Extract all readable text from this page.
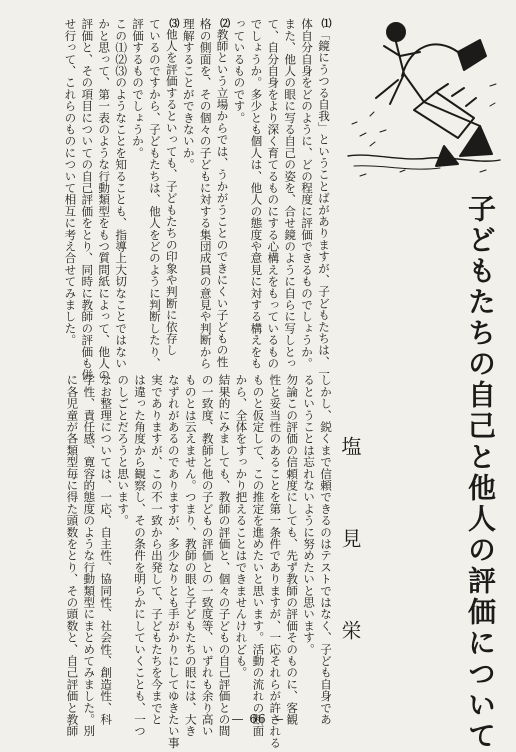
子どもたちの自己と他人の評価について
塩　見　栄
⑴「鏡にうつる自我」ということばがありますが、子どもたちは、一
体自分自身をどのように、どの程度に評価できるものでしょうか。
また、他人の眼に写る自己の姿を、合せ鏡のように自らに写しとっ
て、自分自身をより深く育てるものにする心構えをもっているもの
でしょうか。多少とも個人は、他人の態度や意見に対する構えをも
っているものです。
⑵教師という立場からでは、うかがうことのできにくい子どもの性
格の側面を、その個々の子どもに対する集団成員の意見や判断から
理解することができないか。
⑶他人を評価するといっても、子どもたちの印象や判断に依存し
ているのですから、子どもたちは、他人をどのように判断したり、
評価するものでしょうか。
この⑴⑵⑶のようなことを知ることも、指導上大切なことではない
かと思って、第一表のような行動類型をもつ質問紙によって、他人の
評価と、その項目についての自己評価をとり、同時に教師の評価も併
せ行って、これらのものについて相互に考え合せてみました。
しかし、鋭くまで信頼できるのはテストではなく、子ども自身であ
るということは忘れないように努めたいと思います。
勿論この評価の信頼度にしても、先ず教師の評価そのものに、客観
性と妥当性のあることを第一条件でありますが、一応それらが許される
ものと仮定して、この推定を進めたいと思います。活動の流れの断面
から、全体をすっかり把えることはできませんけれども。
結果的にみましても、教師の評価と、個々の子どもの自己評価との間
の一致度、教師と他の子どもの評価との一致度等、いずれも余り高い
ものとは云えません。つまり、教師の眼と子どもたちの眼には、大き
なずれがあるのでありますが、多少なりとも手がかりにしてゆきたい事
実でありますが、この不一致から出発して、子どもたちを今までと
は違った角度から観察し、その条件を明らかにしていくことも、一つ
のしごとだろうと思います。
なお整理については、一応、自主性、協同性、社会性、創造性、科
学性、責任感、寛容的態度のような行動類型にまとめてみました。別
に各児童が各類型毎に得た頭数をとり、その頭数と、自己評価と教師	— 66 —
